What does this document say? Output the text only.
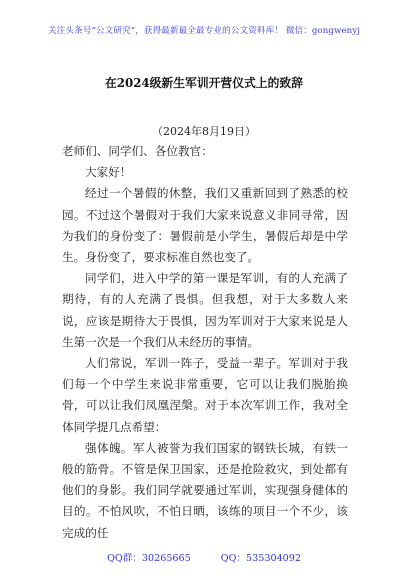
关注头条号“公文研究”，获得最新最全最专业的公文资料库！ 微信：gongwenyj
在2024级新生军训开营仪式上的致辞
（2024年8月19日）

老师们、同学们、各位教官：

大家好！

经过一个暑假的休整，我们又重新回到了熟悉的校园。不过这个暑假对于我们大家来说意义非同寻常，因为我们的身份变了：暑假前是小学生，暑假后却是中学生。身份变了，要求标准自然也变了。

同学们，进入中学的第一课是军训，有的人充满了期待，有的人充满了畏惧。但我想，对于大多数人来说，应该是期待大于畏惧，因为军训对于大家来说是人生第一次是一个我们从未经历的事情。

人们常说，军训一阵子，受益一辈子。军训对于我们每一个中学生来说非常重要，它可以让我们脱胎换骨，可以让我们凤凰涅槃。对于本次军训工作，我对全体同学提几点希望：

强体魄。军人被誉为我们国家的钢铁长城，有铁一般的筋骨。不管是保卫国家，还是抢险救灾，到处都有他们的身影。我们同学就要通过军训，实现强身健体的目的。不怕风吹，不怕日晒，该练的项目一个不少，该完成的任

QQ群：30265665	QQ：535304092
